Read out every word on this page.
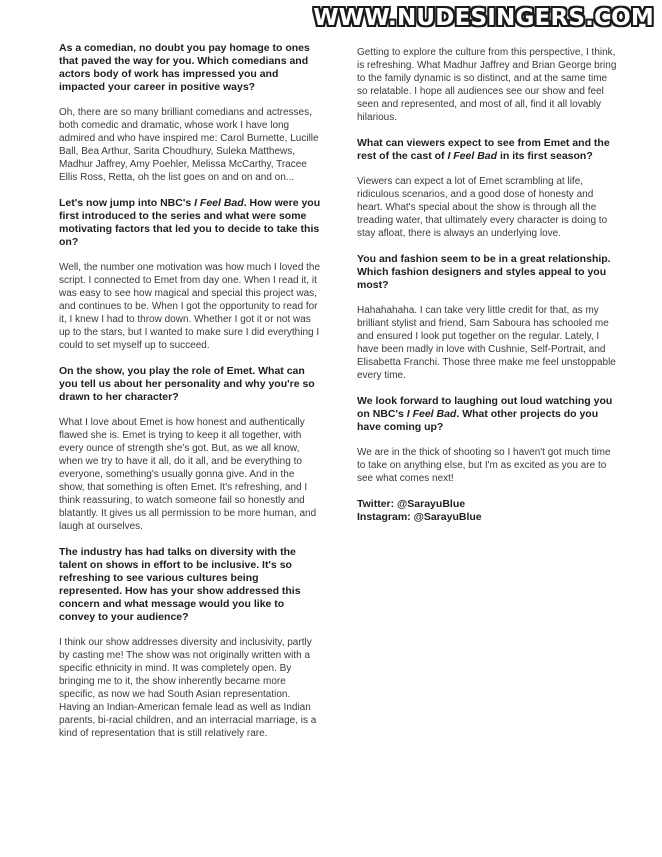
WWW.NUDESINGERS.COM

As a comedian, no doubt you pay homage to ones that paved the way for you. Which comedians and actors body of work has impressed you and impacted your career in positive ways?

Oh, there are so many brilliant comedians and actresses, both comedic and dramatic, whose work I have long admired and who have inspired me: Carol Burnette, Lucille Ball, Bea Arthur, Sarita Choudhury, Suleka Matthews, Madhur Jaffrey, Amy Poehler, Melissa McCarthy, Tracee Ellis Ross, Retta, oh the list goes on and on and on...

Let's now jump into NBC's I Feel Bad. How were you first introduced to the series and what were some motivating factors that led you to decide to take this on?

Well, the number one motivation was how much I loved the script. I connected to Emet from day one. When I read it, it was easy to see how magical and special this project was, and continues to be. When I got the opportunity to read for it, I knew I had to throw down. Whether I got it or not was up to the stars, but I wanted to make sure I did everything I could to set myself up to succeed.

On the show, you play the role of Emet. What can you tell us about her personality and why you're so drawn to her character?

What I love about Emet is how honest and authentically flawed she is. Emet is trying to keep it all together, with every ounce of strength she's got. But, as we all know, when we try to have it all, do it all, and be everything to everyone, something's usually gonna give. And in the show, that something is often Emet. It's refreshing, and I think reassuring, to watch someone fail so honestly and blatantly. It gives us all permission to be more human, and laugh at ourselves.

The industry has had talks on diversity with the talent on shows in effort to be inclusive. It's so refreshing to see various cultures being represented. How has your show addressed this concern and what message would you like to convey to your audience?

I think our show addresses diversity and inclusivity, partly by casting me! The show was not originally written with a specific ethnicity in mind. It was completely open. By bringing me to it, the show inherently became more specific, as now we had South Asian representation. Having an Indian-American female lead as well as Indian parents, bi-racial children, and an interracial marriage, is a kind of representation that is still relatively rare.

Getting to explore the culture from this perspective, I think, is refreshing. What Madhur Jaffrey and Brian George bring to the family dynamic is so distinct, and at the same time so relatable. I hope all audiences see our show and feel seen and represented, and most of all, find it all lovably hilarious.

What can viewers expect to see from Emet and the rest of the cast of I Feel Bad in its first season?

Viewers can expect a lot of Emet scrambling at life, ridiculous scenarios, and a good dose of honesty and heart. What's special about the show is through all the treading water, that ultimately every character is doing to stay afloat, there is always an underlying love.

You and fashion seem to be in a great relationship. Which fashion designers and styles appeal to you most?

Hahahahaha. I can take very little credit for that, as my brilliant stylist and friend, Sam Saboura has schooled me and ensured I look put together on the regular. Lately, I have been madly in love with Cushnie, Self-Portrait, and Elisabetta Franchi. Those three make me feel unstoppable every time.

We look forward to laughing out loud watching you on NBC's I Feel Bad. What other projects do you have coming up?

We are in the thick of shooting so I haven't got much time to take on anything else, but I'm as excited as you are to see what comes next!

Twitter: @SarayuBlue
Instagram: @SarayuBlue
